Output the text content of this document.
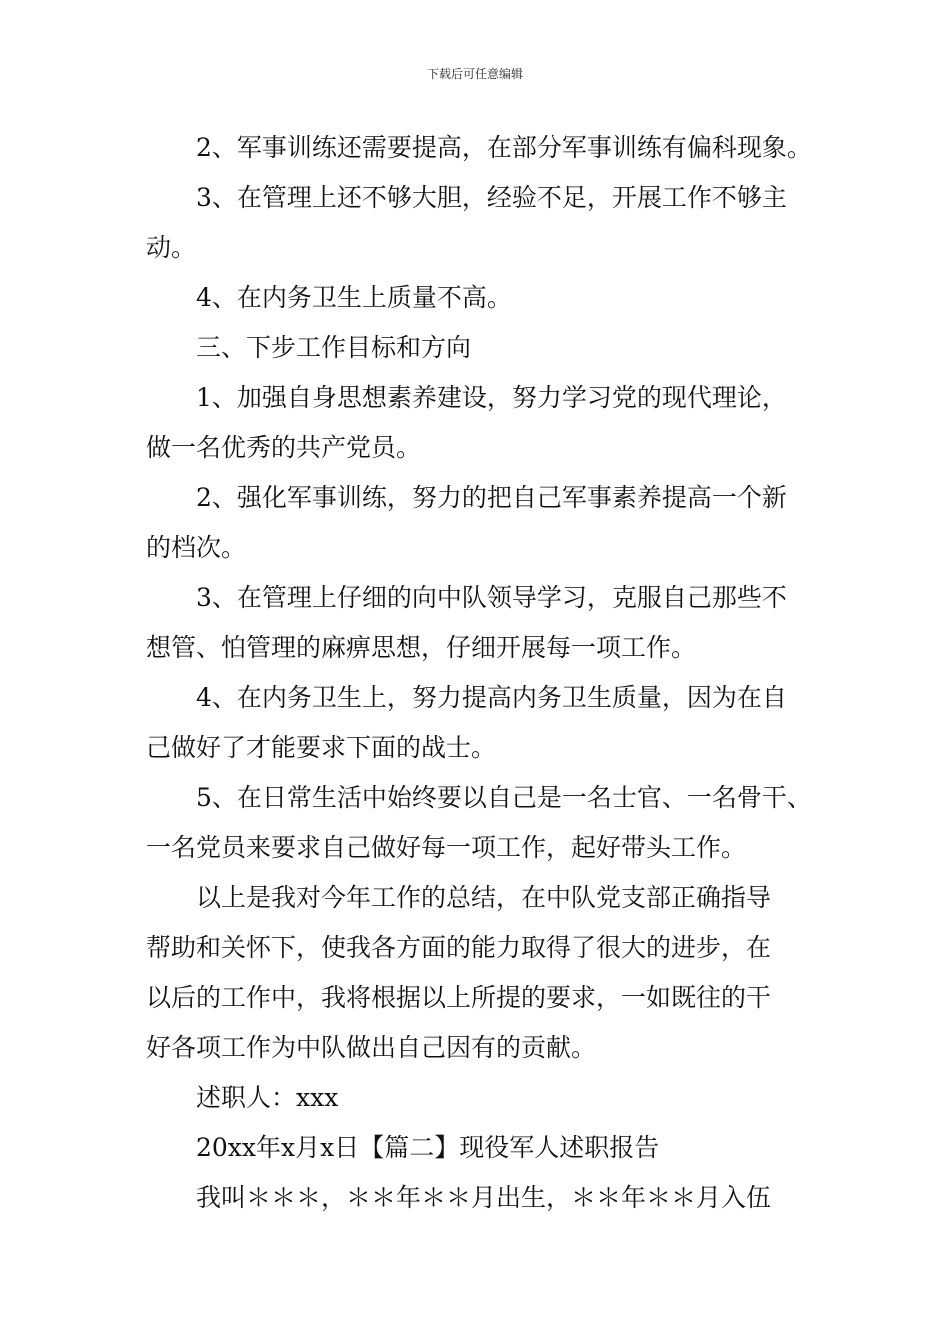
下载后可任意编辑
2、军事训练还需要提高，在部分军事训练有偏科现象。
3、在管理上还不够大胆，经验不足，开展工作不够主
动。
4、在内务卫生上质量不高。
三、下步工作目标和方向
1、加强自身思想素养建设，努力学习党的现代理论，
做一名优秀的共产党员。
2、强化军事训练，努力的把自己军事素养提高一个新
的档次。
3、在管理上仔细的向中队领导学习，克服自己那些不
想管、怕管理的麻痹思想，仔细开展每一项工作。
4、在内务卫生上，努力提高内务卫生质量，因为在自
己做好了才能要求下面的战士。
5、在日常生活中始终要以自己是一名士官、一名骨干、
一名党员来要求自己做好每一项工作，起好带头工作。
以上是我对今年工作的总结，在中队党支部正确指导
帮助和关怀下，使我各方面的能力取得了很大的进步，在
以后的工作中，我将根据以上所提的要求，一如既往的干
好各项工作为中队做出自己因有的贡献。
述职人：xxx
20xx年x月x日【篇二】现役军人述职报告
我叫＊＊＊，＊＊年＊＊月出生，＊＊年＊＊月入伍
